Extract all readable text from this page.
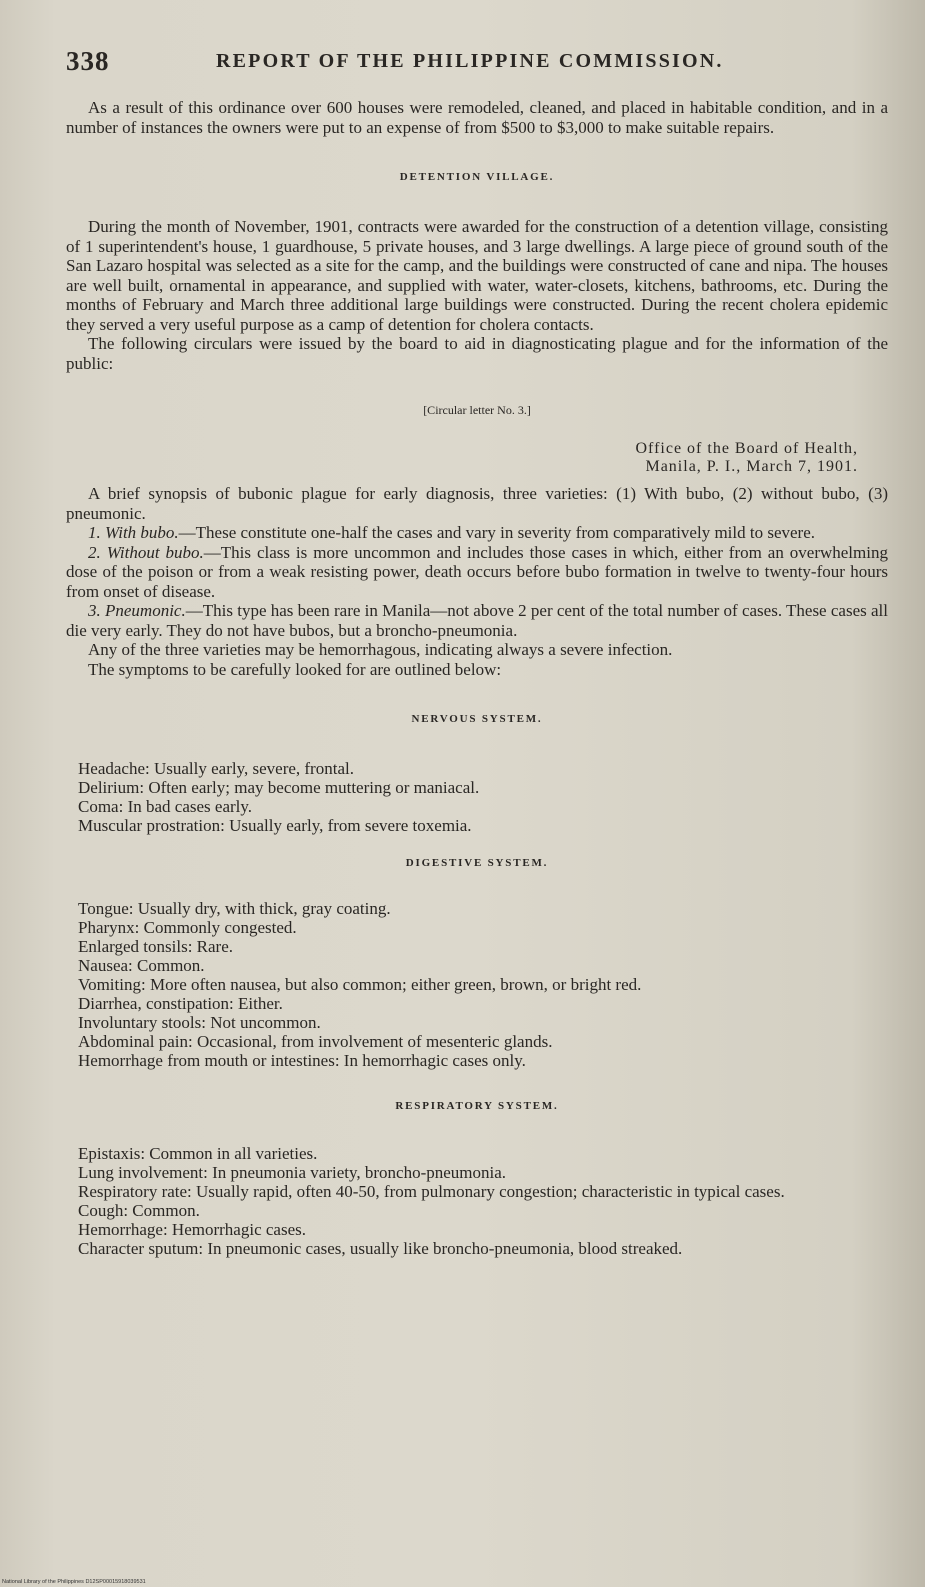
338	REPORT OF THE PHILIPPINE COMMISSION.

As a result of this ordinance over 600 houses were remodeled, cleaned, and placed in habitable condition, and in a number of instances the owners were put to an expense of from $500 to $3,000 to make suitable repairs.

DETENTION VILLAGE.

During the month of November, 1901, contracts were awarded for the construction of a detention village, consisting of 1 superintendent's house, 1 guardhouse, 5 private houses, and 3 large dwellings. A large piece of ground south of the San Lazaro hospital was selected as a site for the camp, and the buildings were constructed of cane and nipa. The houses are well built, ornamental in appearance, and supplied with water, water-closets, kitchens, bathrooms, etc. During the months of February and March three additional large buildings were constructed. During the recent cholera epidemic they served a very useful purpose as a camp of detention for cholera contacts.

The following circulars were issued by the board to aid in diagnosticating plague and for the information of the public:

[Circular letter No. 3.]
Office of the Board of Health,
Manila, P. I., March 7, 1901.

A brief synopsis of bubonic plague for early diagnosis, three varieties: (1) With bubo, (2) without bubo, (3) pneumonic.

1. With bubo.—These constitute one-half the cases and vary in severity from comparatively mild to severe.

2. Without bubo.—This class is more uncommon and includes those cases in which, either from an overwhelming dose of the poison or from a weak resisting power, death occurs before bubo formation in twelve to twenty-four hours from onset of disease.

3. Pneumonic.—This type has been rare in Manila—not above 2 per cent of the total number of cases. These cases all die very early. They do not have bubos, but a broncho-pneumonia.

Any of the three varieties may be hemorrhagous, indicating always a severe infection.

The symptoms to be carefully looked for are outlined below:

NERVOUS SYSTEM.
Headache: Usually early, severe, frontal.
Delirium: Often early; may become muttering or maniacal.
Coma: In bad cases early.
Muscular prostration: Usually early, from severe toxemia.
DIGESTIVE SYSTEM.
Tongue: Usually dry, with thick, gray coating.
Pharynx: Commonly congested.
Enlarged tonsils: Rare.
Nausea: Common.
Vomiting: More often nausea, but also common; either green, brown, or bright red.
Diarrhea, constipation: Either.
Involuntary stools: Not uncommon.
Abdominal pain: Occasional, from involvement of mesenteric glands.
Hemorrhage from mouth or intestines: In hemorrhagic cases only.
RESPIRATORY SYSTEM.
Epistaxis: Common in all varieties.
Lung involvement: In pneumonia variety, broncho-pneumonia.
Respiratory rate: Usually rapid, often 40-50, from pulmonary congestion; characteristic in typical cases.
Cough: Common.
Hemorrhage: Hemorrhagic cases.
Character sputum: In pneumonic cases, usually like broncho-pneumonia, blood streaked.
National Library of the Philippines D12SP00015918039531
